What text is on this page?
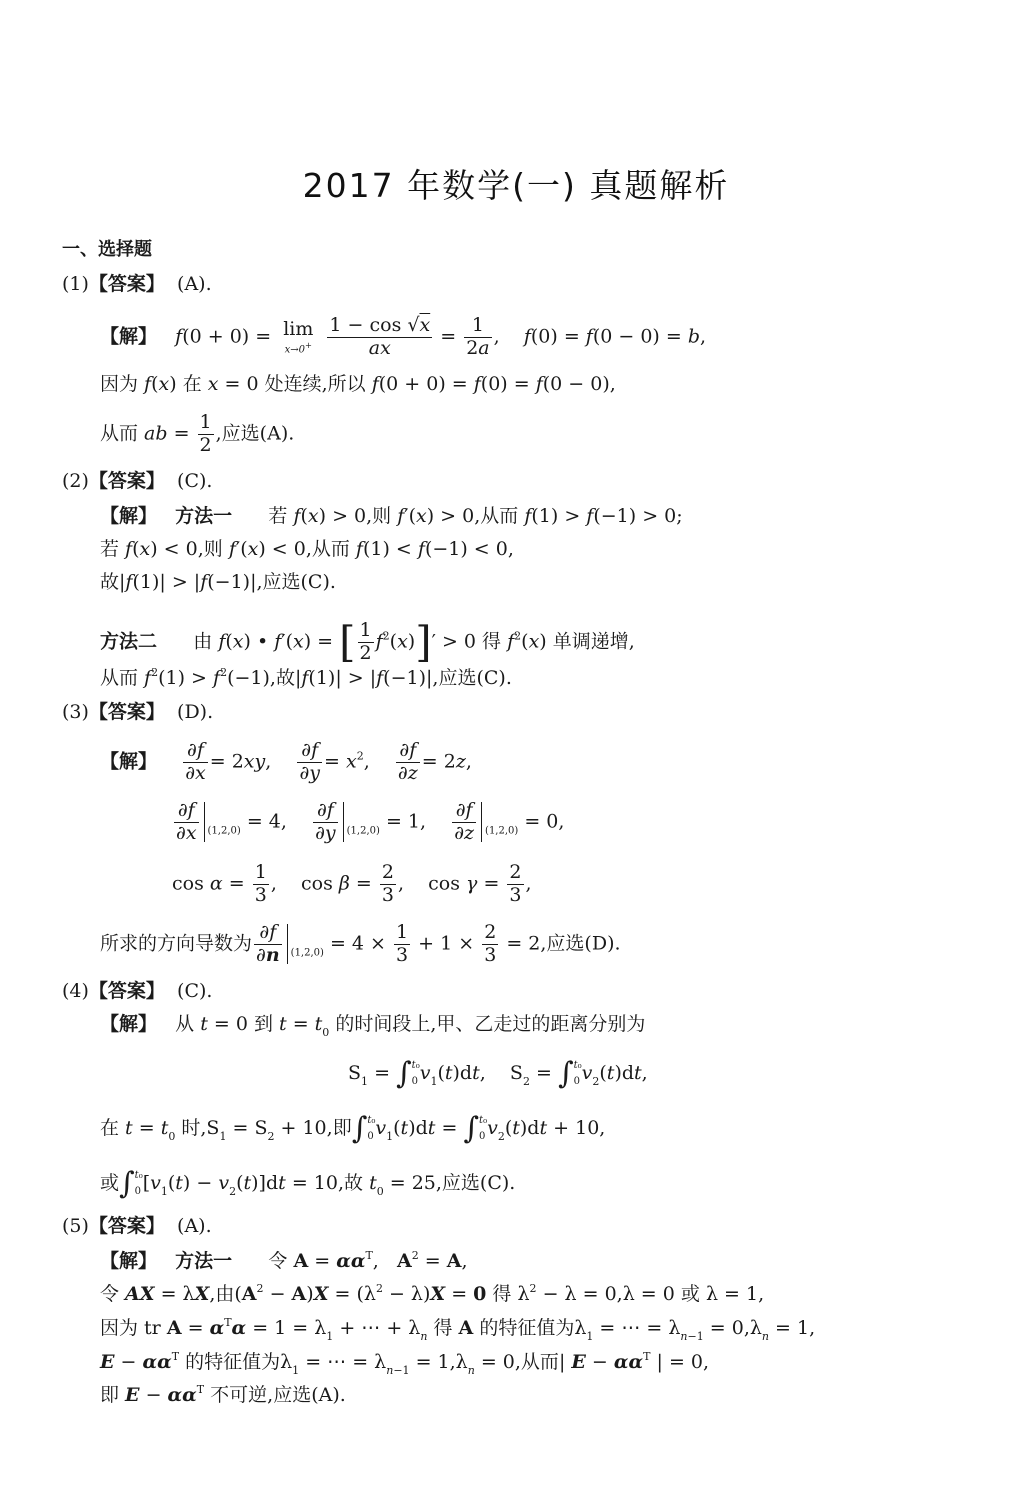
2017 年数学(一) 真题解析
一、选择题
(1)【答案】 (A).
【解】 f(0 + 0) = lim
x→0+
$\frac{1 - \cos √x}{ax} = \frac{1}{2a}$ ,    f(0) = f(0 − 0) = b,
因为 f(x) 在 x = 0 处连续,所以 f(0 + 0) = f(0) = f(0 − 0),
从而 ab = $\frac{1}{2}$ ,应选(A).
(2)【答案】 (C).
【解】 方法一 若 f(x) > 0,则 f′(x) > 0,从而 f(1) > f(−1) > 0;
若 f(x) < 0,则 f′(x) < 0,从而 f(1) < f(−1) < 0,
故|f(1)| > |f(−1)|,应选(C).
方法二 由 f(x) • f′(x) = [ $\frac{1}{2} f^2(x)]' > 0$ 得 $f^2(x)$ 单调递增,
从而 $f^2(1) > f^2(-1)$,故|f(1)| > |f(−1)|,应选(C).
(3)【答案】 (D).
【解】 $\frac{\partial f}{\partial x} = 2xy$, $\frac{\partial f}{\partial y} = x^2$, $\frac{\partial f}{\partial z} = 2z$,
$\frac{\partial f}{\partial x} _{(1,2,0)} = 4$, $\frac{\partial f}{\partial y} _{(1,2,0)} = 1$, $\frac{\partial f}{\partial z} _{(1,2,0)} = 0$,
$\cos \alpha = \frac{1}{3}$ ,    $\cos \beta = \frac{2}{3}$ ,    $\cos \gamma = \frac{2}{3}$ ,
所求的方向导数为 $\frac{\partial f}{\partial n} _{(1,2,0)} = 4 \times \frac{1}{3} + 1 \times \frac{2}{3} = 2$,应选(D).
(4)【答案】 (C).
【解】 从 t = 0 到 $t = t_0$ 的时间段上,甲、乙走过的距离分别为
$S_1 = \int t_0$
$0v_1(t)dt$,    $S_2 = \int t_0$
$0v_2(t)dt$,
在 $t = t_0$ 时$,S_1 = S_2 + 10$,即∫t₀
$0v_1(t)dt = \int t_0$
$0v_2(t)dt + 10$,
或∫t₀
$0[v_1(t) - v_2(t)]dt = 10$,故 $t_0 = 25$,应选(C).
(5)【答案】 (A).
【解】 方法一 令 $A = \alpha\alpha^T$,   $A^2 = A$,
令 AX = λX,由$(A^2 - A)X = (\lambda^2 - \lambda)X = 0$ 得 $\lambda^2 - \lambda = 0,\lambda = 0$ 或 λ = 1,
因为 tr $A = \alpha^T\alpha = 1 = \lambda_1$ + ⋯ + $\lambda_n$ 得 A 的特征值为$\lambda_1$ = ⋯ = $\lambda_{n-1} = 0,\lambda_n = 1$,
$E - \alpha\alpha^T$ 的特征值为$\lambda_1$ = ⋯ = $\lambda_{n-1} = 1,\lambda_n = 0$,从而| $E - \alpha\alpha^T$ | = 0,
即 $E - \alpha\alpha^T$ 不可逆,应选(A).
